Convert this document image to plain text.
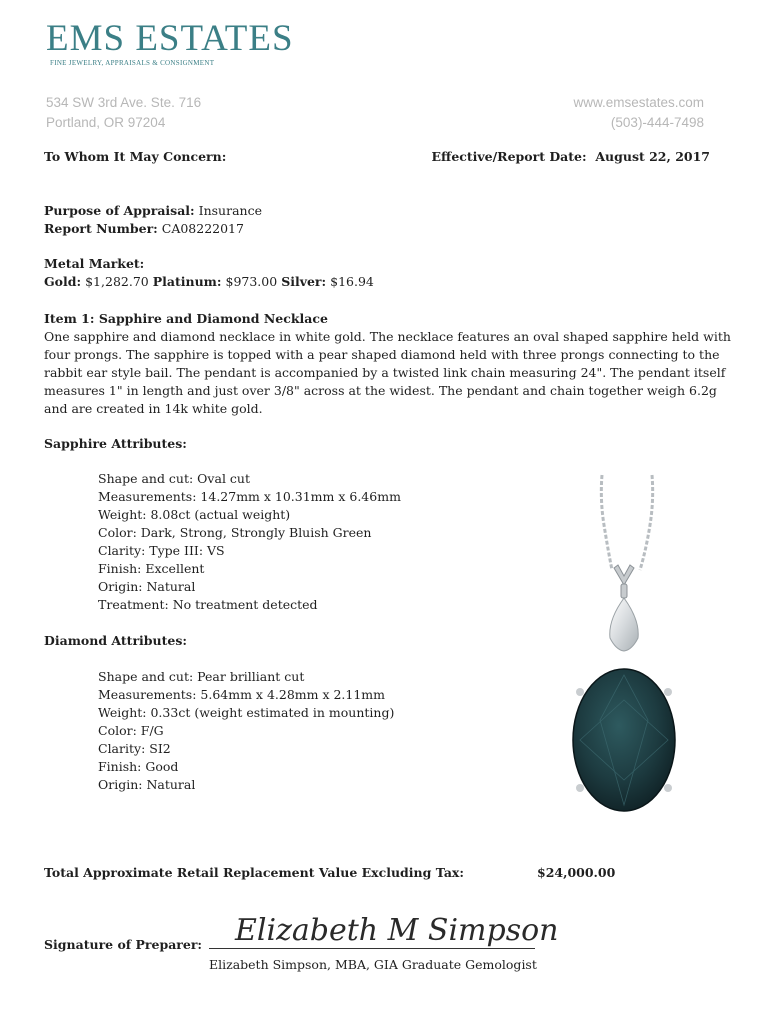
EMS ESTATES
FINE JEWELRY, APPRAISALS & CONSIGNMENT
534 SW 3rd Ave. Ste. 716
Portland, OR 97204
www.emsestates.com
(503)-444-7498
To Whom It May Concern:	Effective/Report Date: August 22, 2017
Purpose of Appraisal: Insurance
Report Number: CA08222017
Metal Market:
Gold: $1,282.70 Platinum: $973.00 Silver: $16.94
Item 1: Sapphire and Diamond Necklace

One sapphire and diamond necklace in white gold. The necklace features an oval shaped sapphire held with four prongs. The sapphire is topped with a pear shaped diamond held with three prongs connecting to the rabbit ear style bail. The pendant is accompanied by a twisted link chain measuring 24". The pendant itself measures 1" in length and just over 3/8" across at the widest. The pendant and chain together weigh 6.2g and are created in 14k white gold.

Sapphire Attributes:
Shape and cut: Oval cut
Measurements: 14.27mm x 10.31mm x 6.46mm
Weight: 8.08ct (actual weight)
Color: Dark, Strong, Strongly Bluish Green
Clarity: Type III: VS
Finish: Excellent
Origin: Natural
Treatment: No treatment detected
Diamond Attributes:
Shape and cut: Pear brilliant cut
Measurements: 5.64mm x 4.28mm x 2.11mm
Weight: 0.33ct (weight estimated in mounting)
Color: F/G
Clarity: SI2
Finish: Good
Origin: Natural
Total Approximate Retail Replacement Value Excluding Tax:	$24,000.00
Signature of Preparer: Elizabeth M Simpson
Elizabeth Simpson, MBA, GIA Graduate Gemologist
